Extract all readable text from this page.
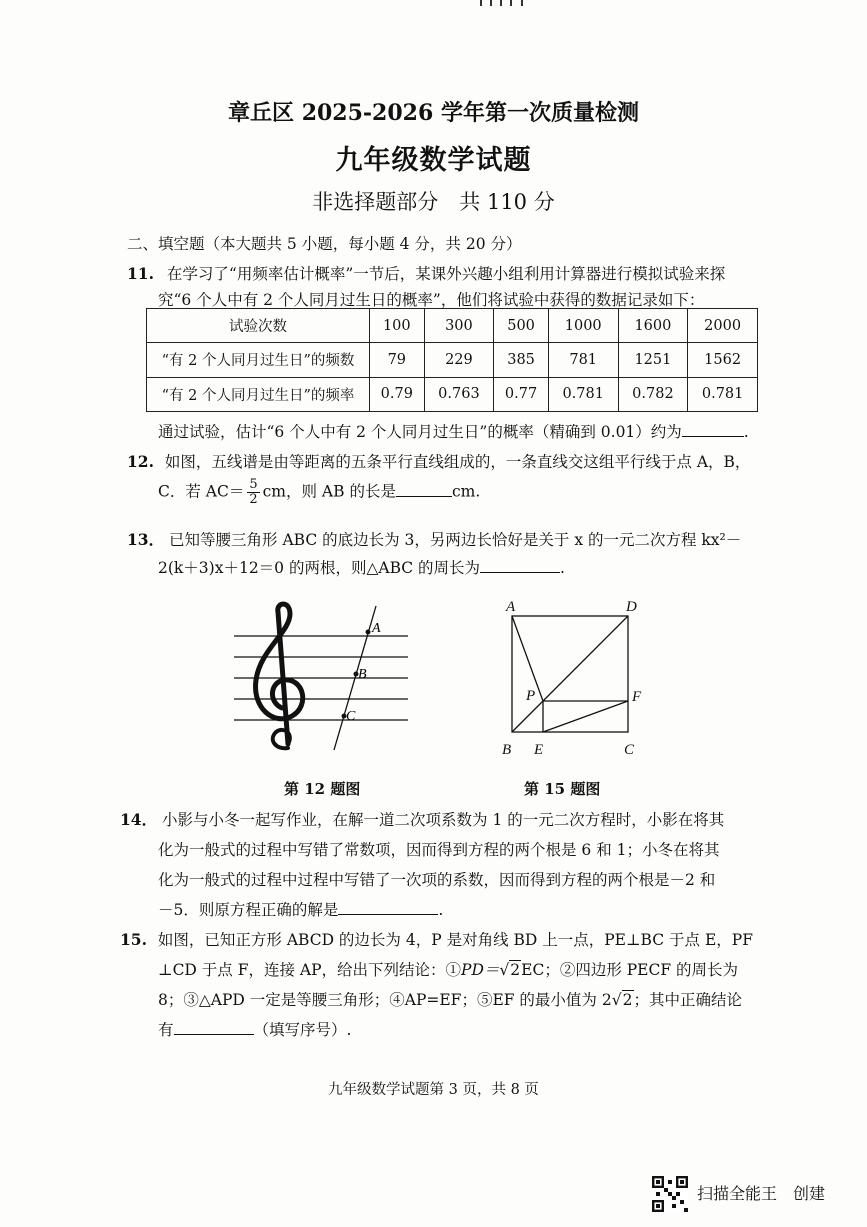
章丘区 2025-2026 学年第一次质量检测
九年级数学试题
非选择题部分　共 110 分
二、填空题（本大题共 5 小题，每小题 4 分，共 20 分）
11. 在学习了“用频率估计概率”一节后，某课外兴趣小组利用计算器进行模拟试验来探
究“6 个人中有 2 个人同月过生日的概率”，他们将试验中获得的数据记录如下：
试验次数	100	300	500	1000	1600	2000
“有 2 个人同月过生日”的频数	79	229	385	781	1251	1562
“有 2 个人同月过生日”的频率	0.79	0.763	0.77	0.781	0.782	0.781
通过试验，估计“6 个人中有 2 个人同月过生日”的概率（精确到 0.01）约为	.
12. 如图，五线谱是由等距离的五条平行直线组成的，一条直线交这组平行线于点 A，B，
C．若 $AC= \frac{5}{2}$ cm，则 AB 的长是	cm.
13． 已知等腰三角形 ABC 的底边长为 3，另两边长恰好是关于 x 的一元二次方程 kx²－
2(k＋3)x＋12＝0 的两根，则△ABC 的周长为	.
A
B
C
A	D
P	F
B E	C
第 12 题图	第 15 题图
14． 小影与小冬一起写作业，在解一道二次项系数为 1 的一元二次方程时，小影在将其
化为一般式的过程中写错了常数项，因而得到方程的两个根是 6 和 1；小冬在将其
化为一般式的过程中过程中写错了一次项的系数，因而得到方程的两个根是－2 和
－5．则原方程正确的解是	.
15. 如图，已知正方形 ABCD 的边长为 4，P 是对角线 BD 上一点，PE⊥BC 于点 E，PF
⊥CD 于点 F，连接 AP，给出下列结论：①PD＝√2EC；②四边形 PECF 的周长为
8；③△APD 一定是等腰三角形；④AP=EF；⑤EF 的最小值为 2√2；其中正确结论
有	（填写序号）.
九年级数学试题第 3 页，共 8 页
扫描全能王　创建
